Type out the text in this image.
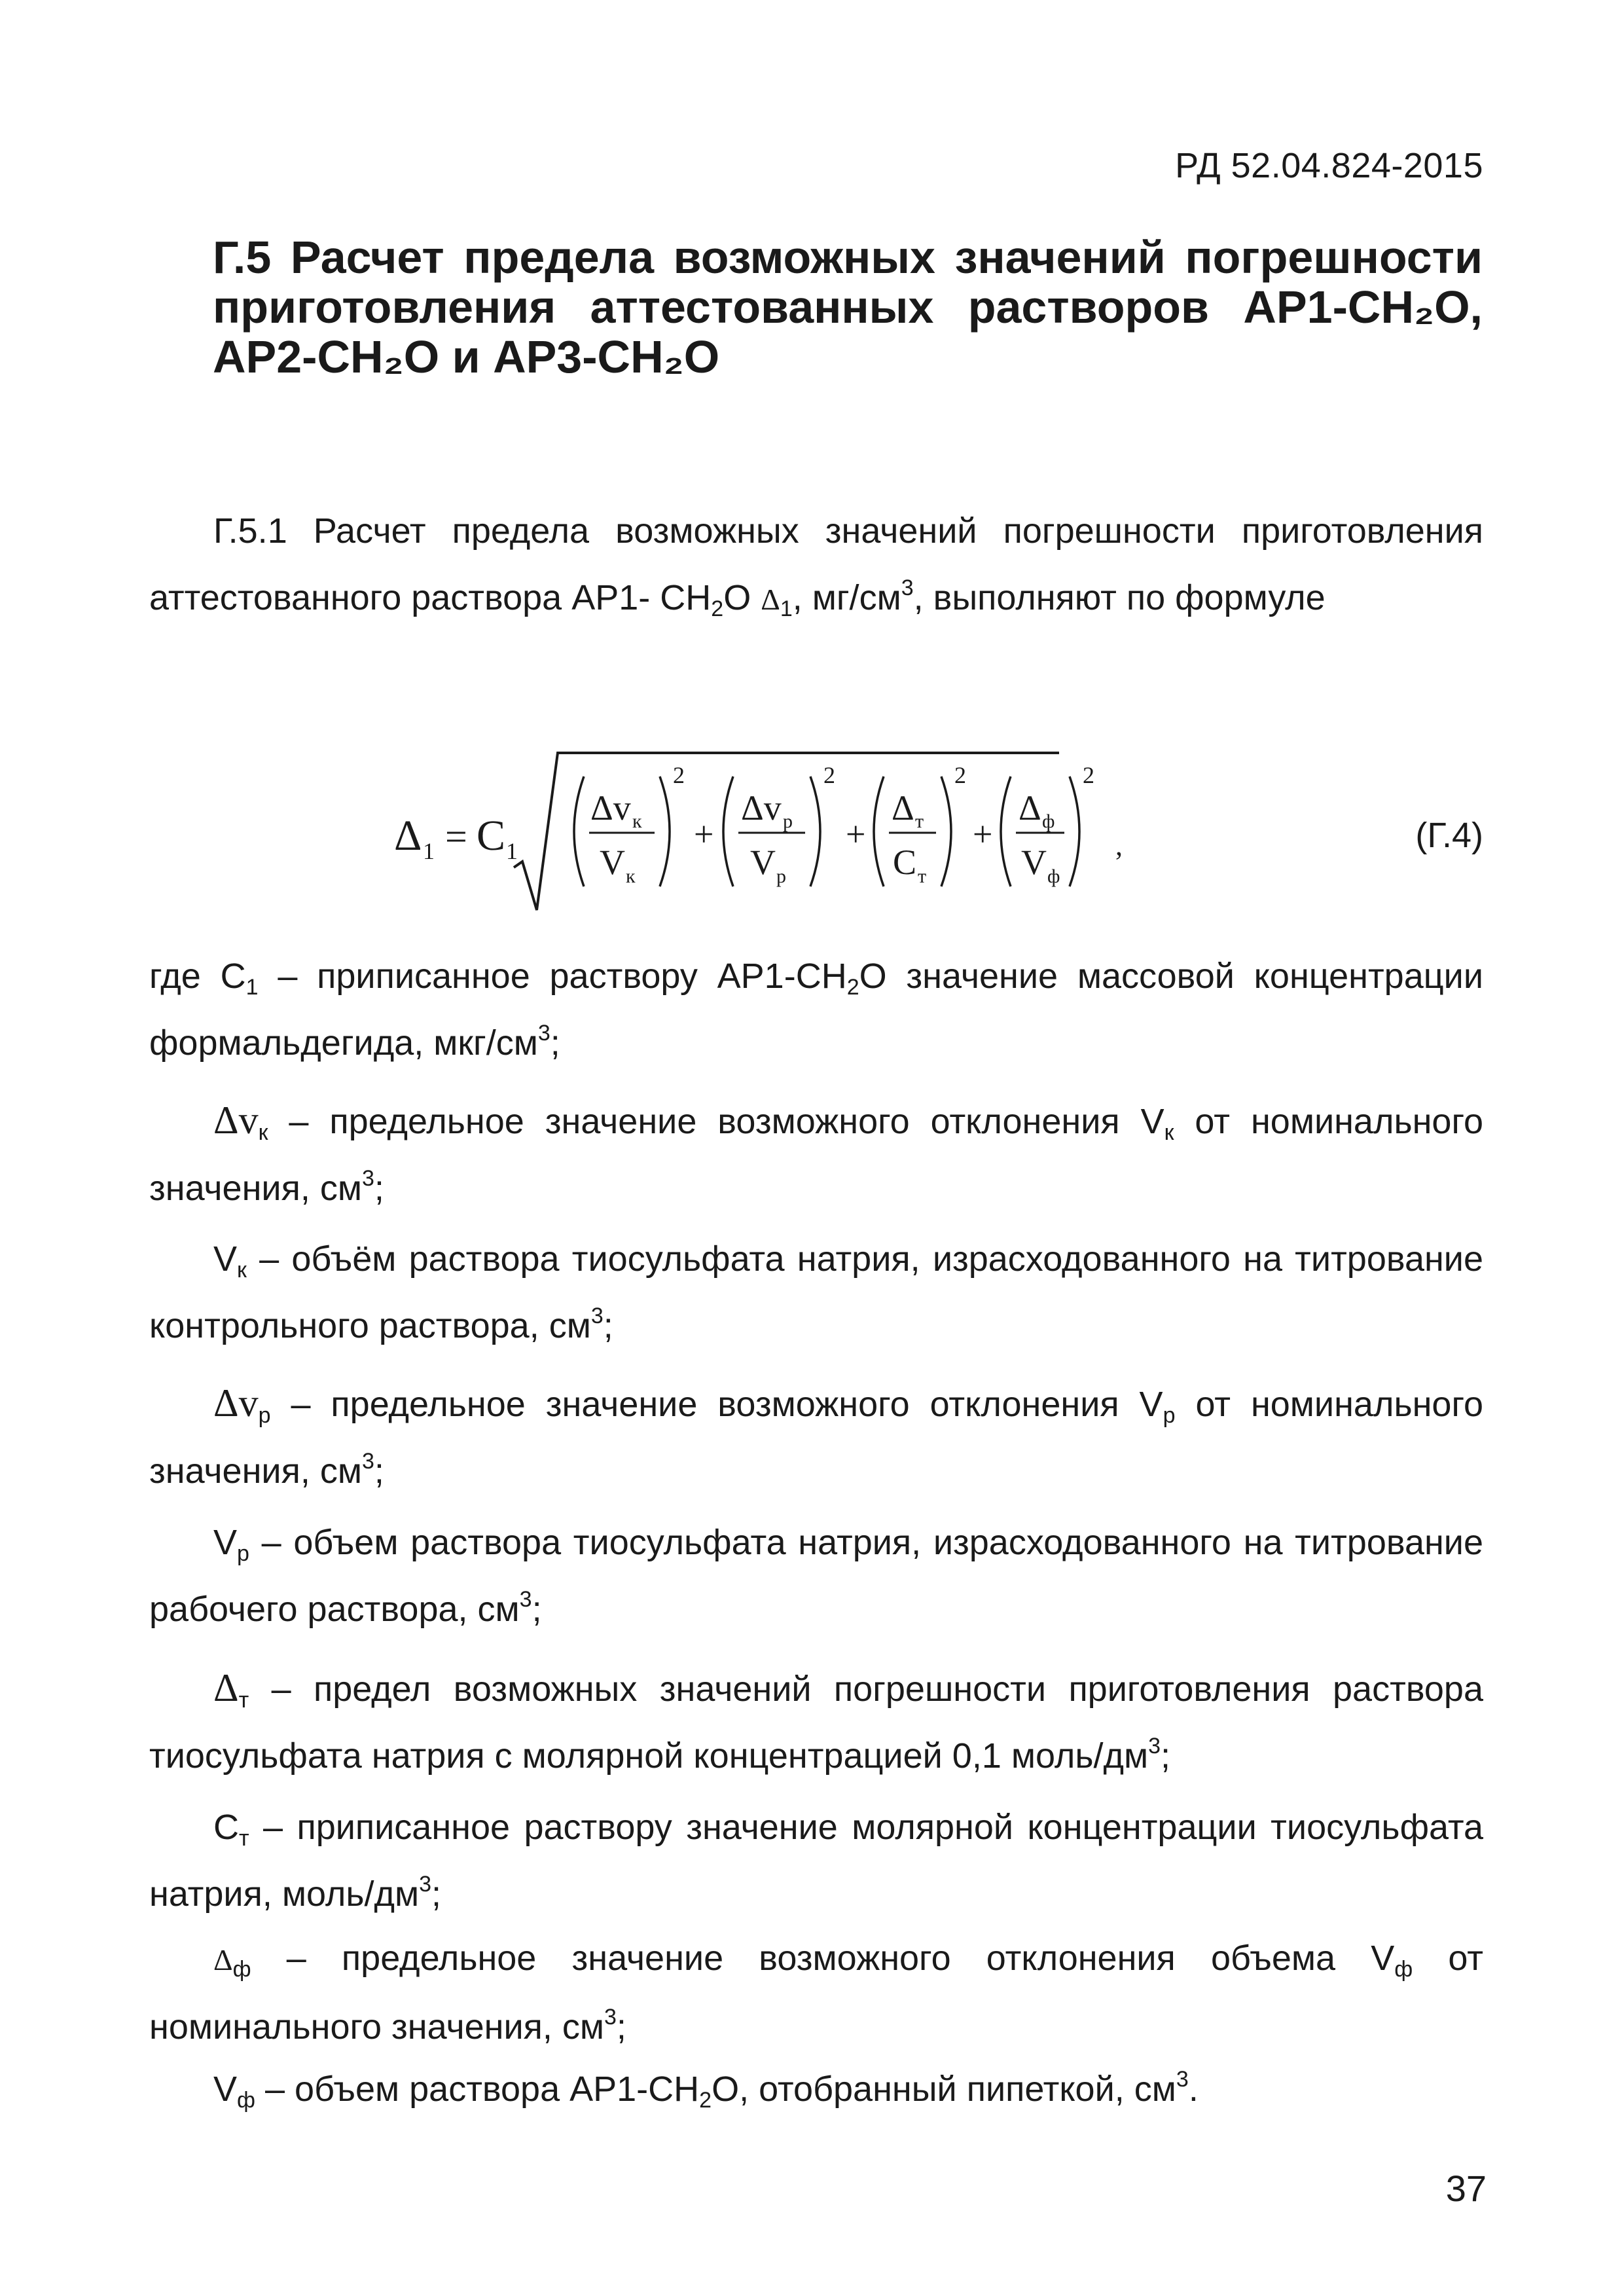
РД 52.04.824-2015
Г.5 Расчет предела возможных значений погрешности приготовления аттестованных растворов АР1-CH₂O, АР2-CH₂O и АР3-CH₂O
Г.5.1 Расчет предела возможных значений погрешности приготовления аттестованного раствора АР1- $CH_2O$ $\Delta_1$, $мг/см^3$, выполняют по формуле
Δ 1 = C 1
Δv к
V к
2
+
Δv р
V р
2
+
Δ т
C т
2
+
Δ ф
V ф
2
,	(Г.4)
где $C_1$ – приписанное раствору $АР1-CH_2O$ значение массовой концентрации формальдегида, мкг/$см^3$;
$\Delta v_к$ – предельное значение возможного отклонения $V_к$ от номинального значения, $см^3$;
$V_к$ – объём раствора тиосульфата натрия, израсходованного на титрование контрольного раствора, $см^3$;
$\Delta v_р$ – предельное значение возможного отклонения $V_р$ от номинального значения, $см^3$;
$V_р$ – объем раствора тиосульфата натрия, израсходованного на титрование рабочего раствора, $см^3$;
$\Delta_т$ – предел возможных значений погрешности приготовления раствора тиосульфата натрия с молярной концентрацией 0,1 моль/$дм^3$;
$C_т$ – приписанное раствору значение молярной концентрации тиосульфата натрия, моль/$дм^3$;
$\Delta_ф$ – предельное значение возможного отклонения объема $V_ф$ от номинального значения, $см^3$;
$V_ф$ – объем раствора $АР1-CH_2O$, отобранный пипеткой, $см^3$.
37
